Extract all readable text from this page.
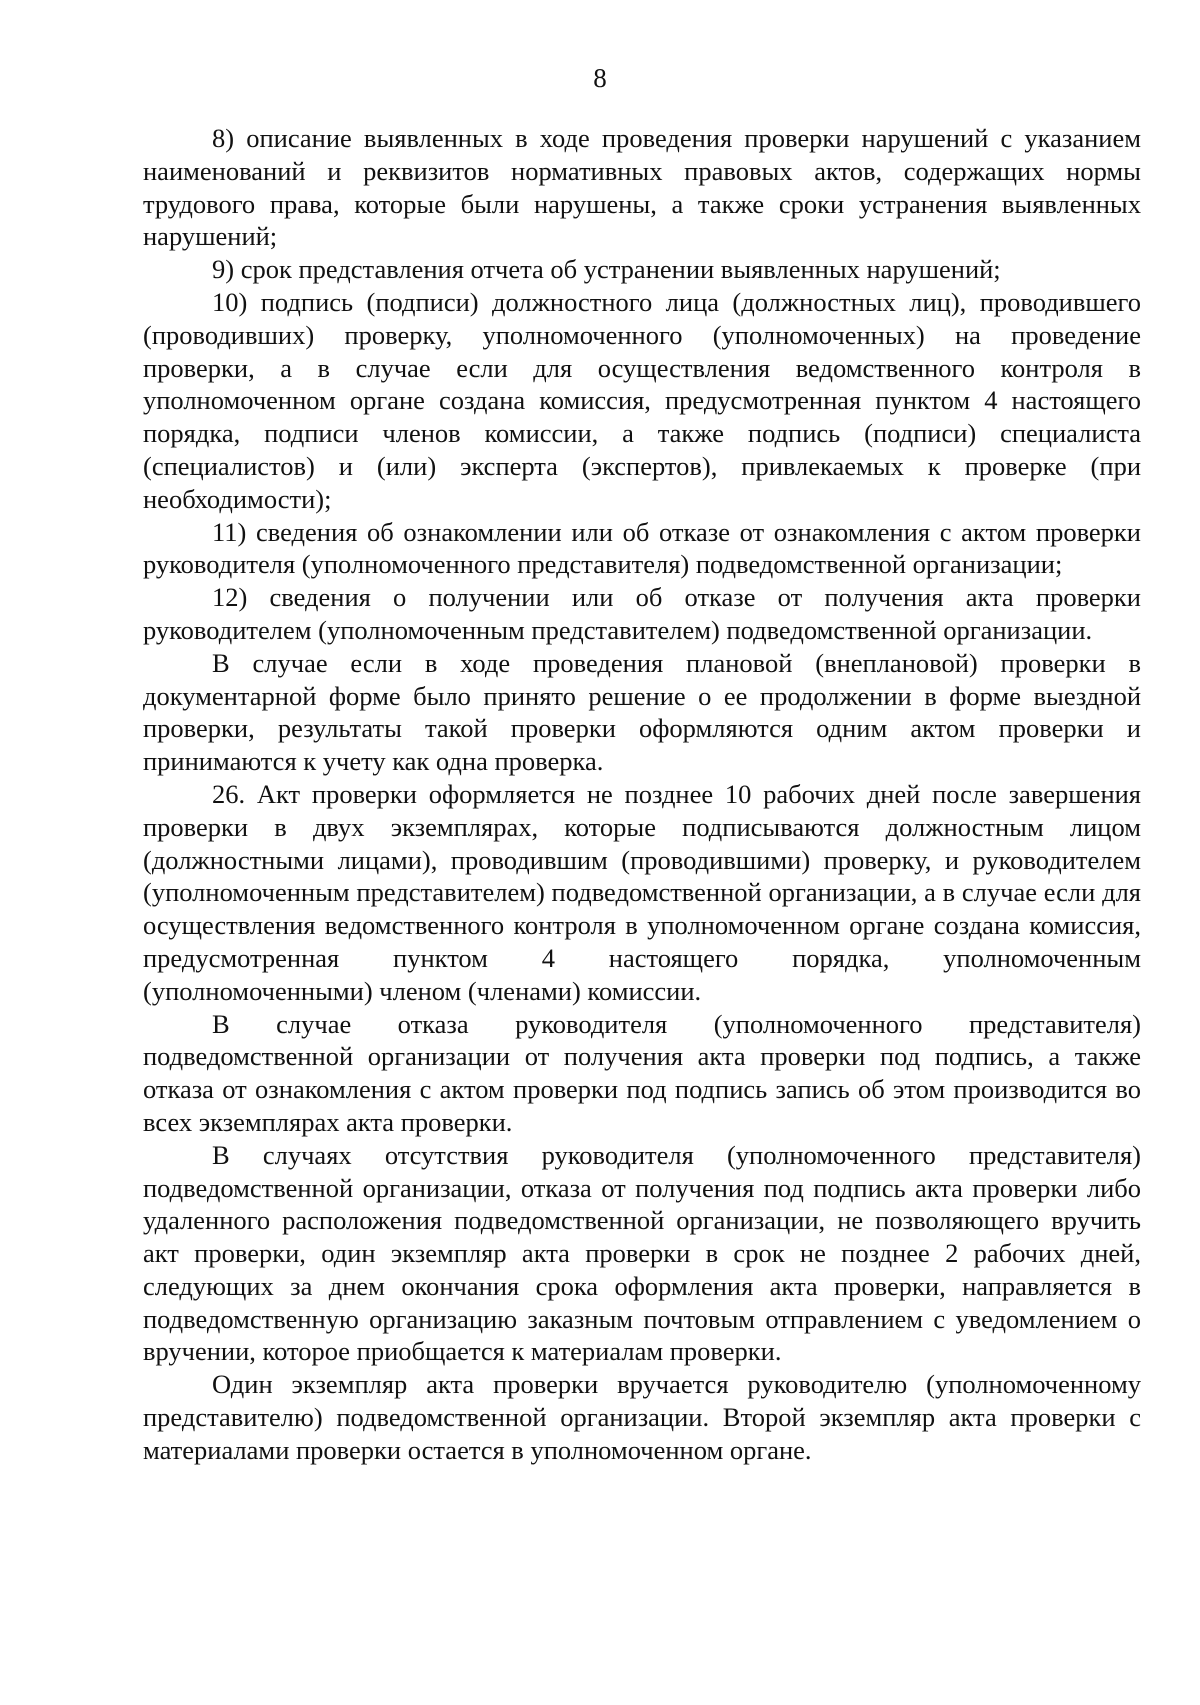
8

8) описание выявленных в ходе проведения проверки нарушений с указанием наименований и реквизитов нормативных правовых актов, содержащих нормы трудового права, которые были нарушены, а также сроки устранения выявленных нарушений;

9) срок представления отчета об устранении выявленных нарушений;

10) подпись (подписи) должностного лица (должностных лиц), проводившего (проводивших) проверку, уполномоченного (уполномоченных) на проведение проверки, а в случае если для осуществления ведомственного контроля в уполномоченном органе создана комиссия, предусмотренная пунктом 4 настоящего порядка, подписи членов комиссии, а также подпись (подписи) специалиста (специалистов) и (или) эксперта (экспертов), привлекаемых к проверке (при необходимости);

11) сведения об ознакомлении или об отказе от ознакомления с актом проверки руководителя (уполномоченного представителя) подведомственной организации;

12) сведения о получении или об отказе от получения акта проверки руководителем (уполномоченным представителем) подведомственной организации.

В случае если в ходе проведения плановой (внеплановой) проверки в документарной форме было принято решение о ее продолжении в форме выездной проверки, результаты такой проверки оформляются одним актом проверки и принимаются к учету как одна проверка.

26. Акт проверки оформляется не позднее 10 рабочих дней после завершения проверки в двух экземплярах, которые подписываются должностным лицом (должностными лицами), проводившим (проводившими) проверку, и руководителем (уполномоченным представителем) подведомственной организации, а в случае если для осуществления ведомственного контроля в уполномоченном органе создана комиссия, предусмотренная пунктом 4 настоящего порядка, уполномоченным (уполномоченными) членом (членами) комиссии.

В случае отказа руководителя (уполномоченного представителя) подведомственной организации от получения акта проверки под подпись, а также отказа от ознакомления с актом проверки под подпись запись об этом производится во всех экземплярах акта проверки.

В случаях отсутствия руководителя (уполномоченного представителя) подведомственной организации, отказа от получения под подпись акта проверки либо удаленного расположения подведомственной организации, не позволяющего вручить акт проверки, один экземпляр акта проверки в срок не позднее 2 рабочих дней, следующих за днем окончания срока оформления акта проверки, направляется в подведомственную организацию заказным почтовым отправлением с уведомлением о вручении, которое приобщается к материалам проверки.

Один экземпляр акта проверки вручается руководителю (уполномоченному представителю) подведомственной организации. Второй экземпляр акта проверки с материалами проверки остается в уполномоченном органе.
